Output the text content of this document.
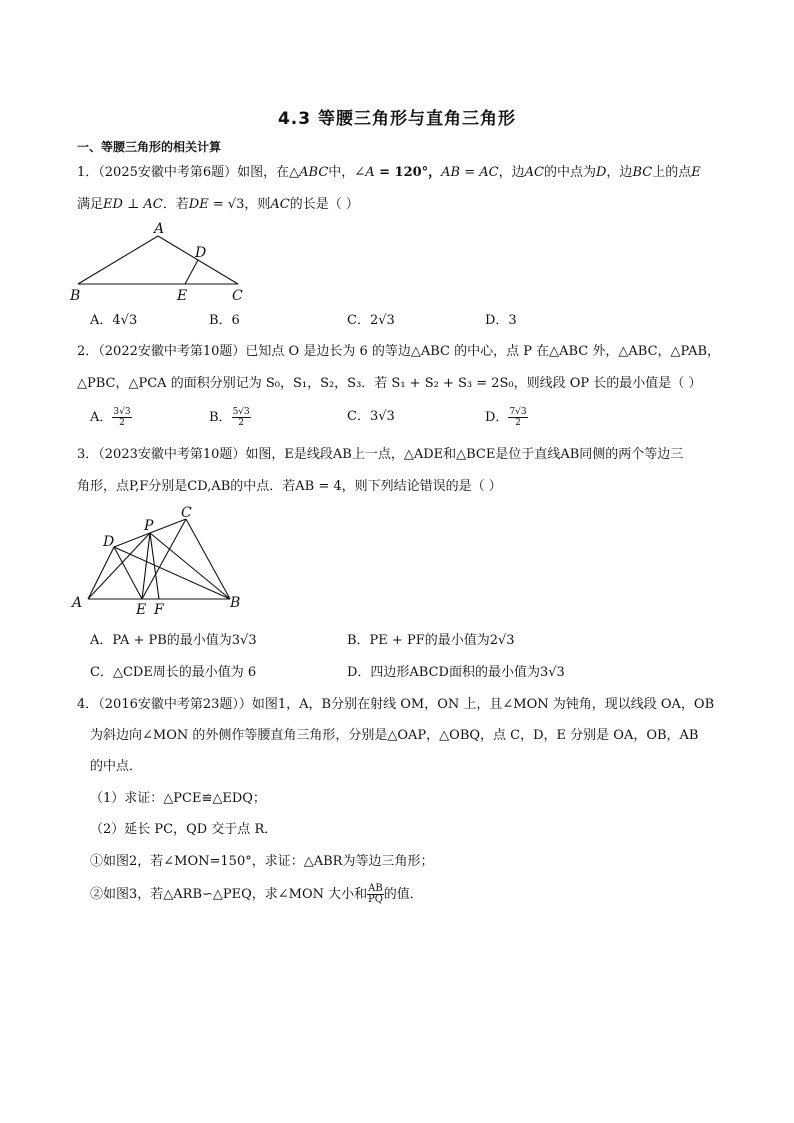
4.3 等腰三角形与直角三角形
一、等腰三角形的相关计算
1．（2025安徽中考第6题）如图，在△ABC中，∠A = 120°，AB = AC，边AC的中点为D，边BC上的点E
满足ED ⊥ AC．若DE = √3，则AC的长是（ ）
A
B	C
D
E
A．4√3	B．6	C．2√3	D．3
2．（2022安徽中考第10题）已知点 O 是边长为 6 的等边△ABC 的中心，点 P 在△ABC 外，△ABC，△PAB，
△PBC，△PCA 的面积分别记为 S₀，S₁，S₂，S₃．若 S₁ + S₂ + S₃ = 2S₀，则线段 OP 长的最小值是（ ）
A． $\frac{3√3}{2}$	B． $\frac{5√3}{2}$	C．3√3	D． $\frac{7√3}{2}$
3．（2023安徽中考第10题）如图，E是线段AB上一点，△ADE和△BCE是位于直线AB同侧的两个等边三
角形，点P,F分别是CD,AB的中点．若AB = 4，则下列结论错误的是（ ）
A	B
C
D
E F
P
A．PA + PB的最小值为3√3	B．PE + PF的最小值为2√3
C．△CDE周长的最小值为 6	D．四边形ABCD面积的最小值为3√3
4．（2016安徽中考第23题））如图1，A，B分别在射线 OM，ON 上，且∠MON 为钝角，现以线段 OA，OB
为斜边向∠MON 的外侧作等腰直角三角形，分别是△OAP，△OBQ，点 C，D，E 分别是 OA，OB，AB
的中点．
（1）求证：△PCE≌△EDQ；
（2）延长 PC，QD 交于点 R．
①如图2，若∠MON=150°，求证：△ABR为等边三角形；
②如图3，若△ARB∽△PEQ，求∠MON 大小和 $\frac{AB}{PQ}$ 的值．
